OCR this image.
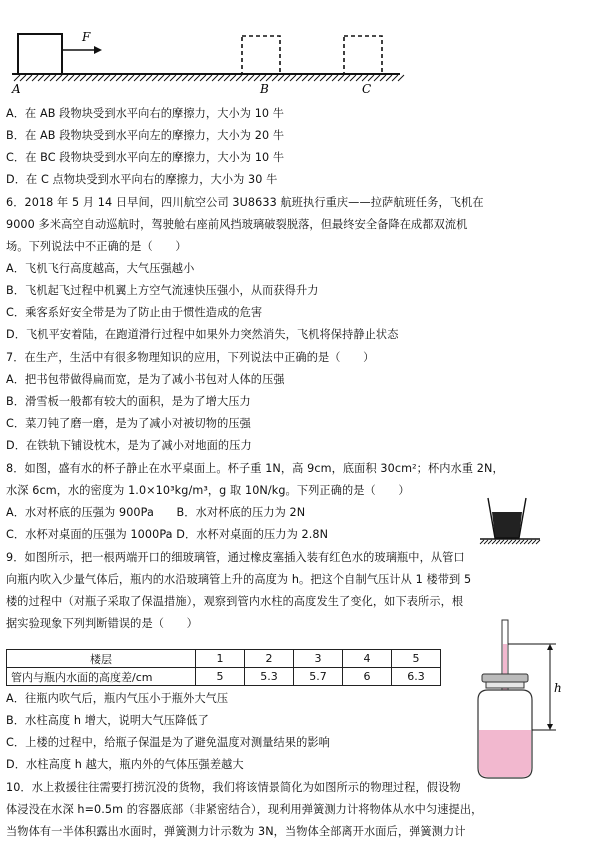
F
A	B	C
A．在 AB 段物块受到水平向右的摩擦力，大小为 10 牛
B．在 AB 段物块受到水平向左的摩擦力，大小为 20 牛
C．在 BC 段物块受到水平向左的摩擦力，大小为 10 牛
D．在 C 点物块受到水平向右的摩擦力，大小为 30 牛
6．2018 年 5 月 14 日早间，四川航空公司 3U8633 航班执行重庆——拉萨航班任务，飞机在
9000 多米高空自动巡航时，驾驶舱右座前风挡玻璃破裂脱落，但最终安全备降在成都双流机
场。下列说法中不正确的是（　　）
A．飞机飞行高度越高，大气压强越小
B．飞机起飞过程中机翼上方空气流速快压强小，从而获得升力
C．乘客系好安全带是为了防止由于惯性造成的危害
D．飞机平安着陆，在跑道滑行过程中如果外力突然消失，飞机将保持静止状态
7．在生产，生活中有很多物理知识的应用，下列说法中正确的是（　　）
A．把书包带做得扁而宽，是为了减小书包对人体的压强
B．滑雪板一般都有较大的面积，是为了增大压力
C．菜刀钝了磨一磨，是为了减小对被切物的压强
D．在铁轨下铺设枕木，是为了减小对地面的压力
8．如图，盛有水的杯子静止在水平桌面上。杯子重 1N，高 9cm，底面积 30cm²；杯内水重 2N，
水深 6cm，水的密度为 1.0×10³kg/m³，g 取 10N/kg。下列正确的是（　　）
A．水对杯底的压强为 900Pa　　B．水对杯底的压力为 2N
C．水杯对桌面的压强为 1000Pa D．水杯对桌面的压力为 2.8N
9．如图所示，把一根两端开口的细玻璃管，通过橡皮塞插入装有红色水的玻璃瓶中，从管口
向瓶内吹入少量气体后，瓶内的水沿玻璃管上升的高度为 h。把这个自制气压计从 1 楼带到 5
楼的过程中（对瓶子采取了保温措施），观察到管内水柱的高度发生了变化，如下表所示，根
据实验现象下列判断错误的是（　　）
楼层	1	2	3	4	5
管内与瓶内水面的高度差/cm	5	5.3	5.7	6	6.3
A．往瓶内吹气后，瓶内气压小于瓶外大气压
B．水柱高度 h 增大，说明大气压降低了
C．上楼的过程中，给瓶子保温是为了避免温度对测量结果的影响
D．水柱高度 h 越大，瓶内外的气体压强差越大
h
10．水上救援往往需要打捞沉没的货物，我们将该情景简化为如图所示的物理过程，假设物
体浸没在水深 h=0.5m 的容器底部（非紧密结合），现利用弹簧测力计将物体从水中匀速提出，
当物体有一半体积露出水面时，弹簧测力计示数为 3N，当物体全部离开水面后，弹簧测力计
